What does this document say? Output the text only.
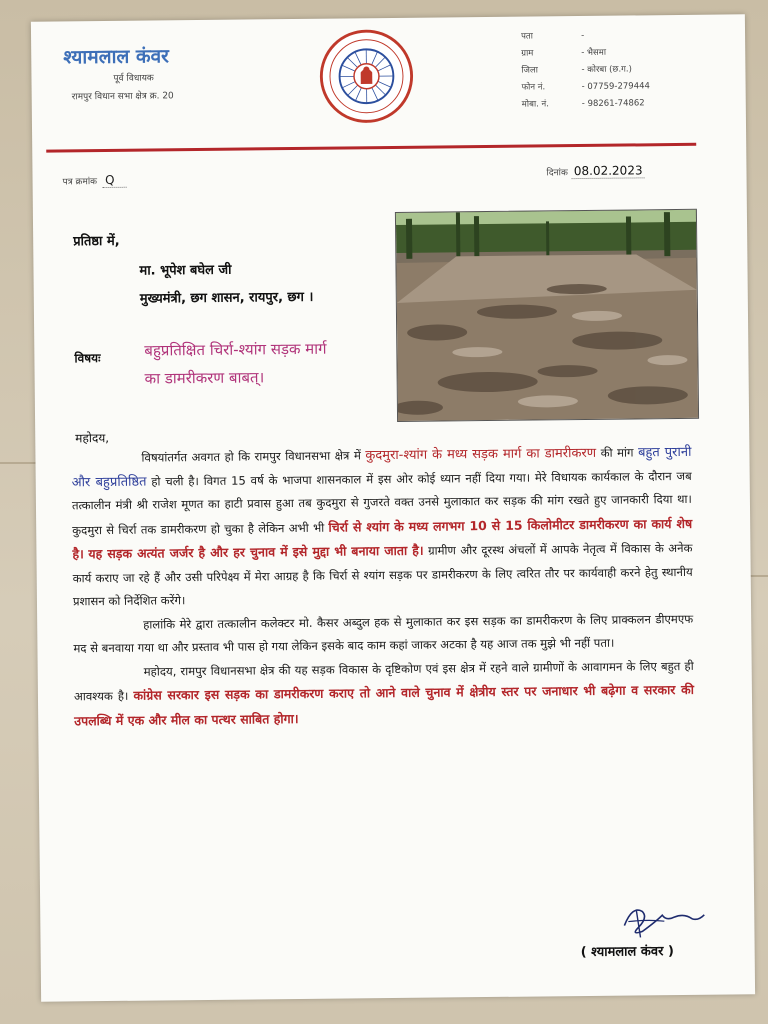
श्यामलाल कंवर
पूर्व विधायक
रामपुर विधान सभा क्षेत्र क्र. 20
पता	-
ग्राम	- भैसमा
जिला	- कोरबा (छ.ग.)
फोन नं.	- 07759-279444
मोबा. नं.	- 98261-74862
पत्र क्रमांक Q	दिनांक 08.02.2023
प्रतिष्ठा में,
मा. भूपेश बघेल जी
मुख्यमंत्री, छग शासन, रायपुर, छग ।
विषयः	बहुप्रतिक्षित चिर्रा-श्यांग सड़क मार्ग
का डामरीकरण बाबत्।
महोदय,

विषयांतर्गत अवगत हो कि रामपुर विधानसभा क्षेत्र में कुदमुरा-श्यांग के मध्य सड़क मार्ग का डामरीकरण की मांग बहुत पुरानी और बहुप्रतिष्ठित हो चली है। विगत 15 वर्ष के भाजपा शासनकाल में इस ओर कोई ध्यान नहीं दिया गया। मेरे विधायक कार्यकाल के दौरान जब तत्कालीन मंत्री श्री राजेश मूणत का हाटी प्रवास हुआ तब कुदमुरा से गुजरते वक्त उनसे मुलाकात कर सड़क की मांग रखते हुए जानकारी दिया था। कुदमुरा से चिर्रा तक डामरीकरण हो चुका है लेकिन अभी भी चिर्रा से श्यांग के मध्य लगभग 10 से 15 किलोमीटर डामरीकरण का कार्य शेष है। यह सड़क अत्यंत जर्जर है और हर चुनाव में इसे मुद्दा भी बनाया जाता है। ग्रामीण और दूरस्थ अंचलों में आपके नेतृत्व में विकास के अनेक कार्य कराए जा रहे हैं और उसी परिपेक्ष्य में मेरा आग्रह है कि चिर्रा से श्यांग सड़क पर डामरीकरण के लिए त्वरित तौर पर कार्यवाही करने हेतु स्थानीय प्रशासन को निर्देशित करेंगे।

हालांकि मेरे द्वारा तत्कालीन कलेक्टर मो. कैसर अब्दुल हक से मुलाकात कर इस सड़क का डामरीकरण के लिए प्राक्कलन डीएमएफ मद से बनवाया गया था और प्रस्ताव भी पास हो गया लेकिन इसके बाद काम कहां जाकर अटका है यह आज तक मुझे भी नहीं पता।

महोदय, रामपुर विधानसभा क्षेत्र की यह सड़क विकास के दृष्टिकोण एवं इस क्षेत्र में रहने वाले ग्रामीणों के आवागमन के लिए बहुत ही आवश्यक है। कांग्रेस सरकार इस सड़क का डामरीकरण कराए तो आने वाले चुनाव में क्षेत्रीय स्तर पर जनाधार भी बढ़ेगा व सरकार की उपलब्धि में एक और मील का पत्थर साबित होगा।

( श्यामलाल कंवर )
